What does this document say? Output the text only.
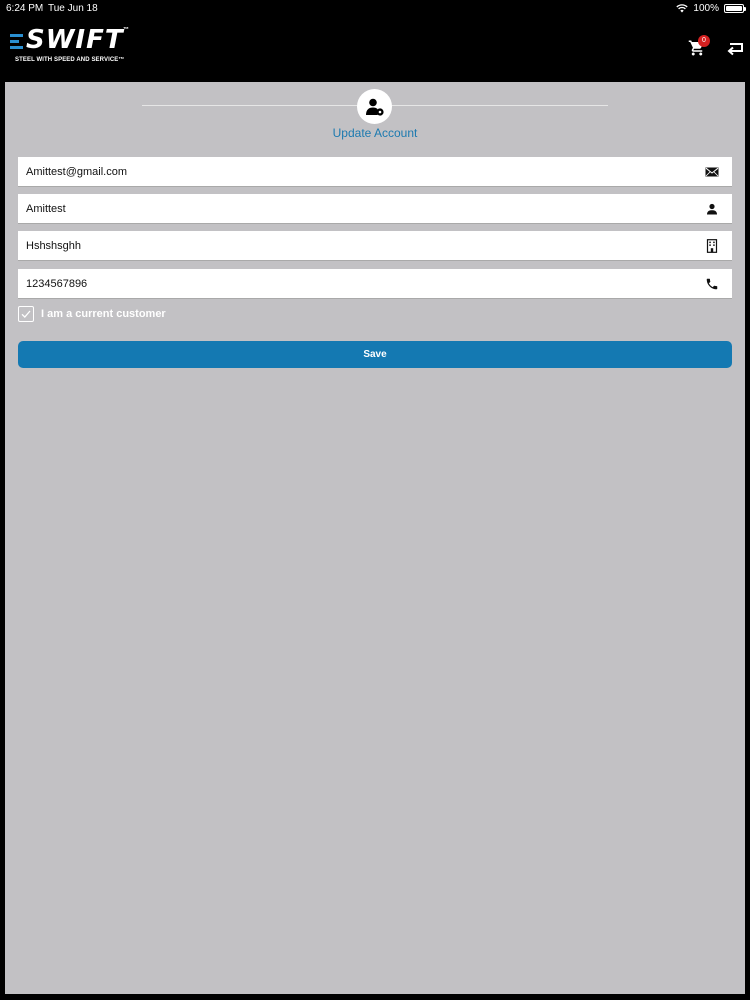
6:24 PM Tue Jun 18	100%
SWIFT ™
STEEL WITH SPEED AND SERVICE™
0
Update Account
Amittest@gmail.com
Amittest
Hshshsghh
1234567896
I am a current customer
Save
